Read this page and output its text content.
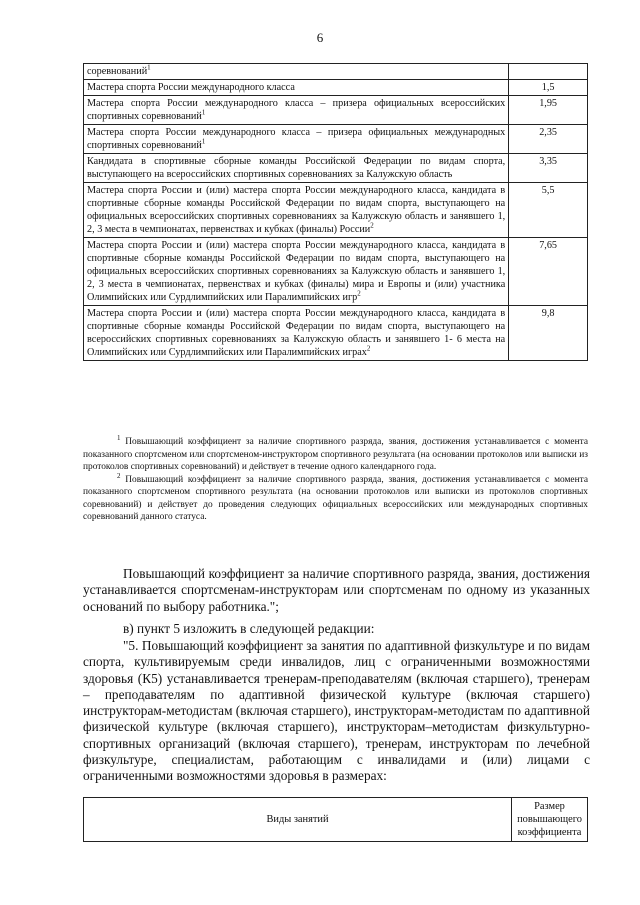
6
соревнований$^1$	
Мастера спорта России международного класса	1,5
Мастера спорта России международного класса – призера официальных всероссийских спортивных соревнований$^1$	1,95
Мастера спорта России международного класса – призера официальных международных спортивных соревнований$^1$	2,35
Кандидата в спортивные сборные команды Российской Федерации по видам спорта, выступающего на всероссийских спортивных соревнованиях за Калужскую область	3,35
Мастера спорта России и (или) мастера спорта России международного класса, кандидата в спортивные сборные команды Российской Федерации по видам спорта, выступающего на официальных всероссийских спортивных соревнованиях за Калужскую область и занявшего 1, 2, 3 места в чемпионатах, первенствах и кубках (финалы) России$^2$	5,5
Мастера спорта России и (или) мастера спорта России международного класса, кандидата в спортивные сборные команды Российской Федерации по видам спорта, выступающего на официальных всероссийских спортивных соревнованиях за Калужскую область и занявшего 1, 2, 3 места в чемпионатах, первенствах и кубках (финалы) мира и Европы и (или) участника Олимпийских или Сурдлимпийских или Паралимпийских игр$^2$	7,65
Мастера спорта России и (или) мастера спорта России международного класса, кандидата в спортивные сборные команды Российской Федерации по видам спорта, выступающего на всероссийских спортивных соревнованиях за Калужскую область и занявшего 1- 6 места на Олимпийских или Сурдлимпийских или Паралимпийских играх$^2$	9,8

$^1$ Повышающий коэффициент за наличие спортивного разряда, звания, достижения устанавливается с момента показанного спортсменом или спортсменом-инструктором спортивного результата (на основании протоколов или выписки из протоколов спортивных соревнований) и действует в течение одного календарного года.

$^2$ Повышающий коэффициент за наличие спортивного разряда, звания, достижения устанавливается с момента показанного спортсменом спортивного результата (на основании протоколов или выписки из протоколов спортивных соревнований) и действует до проведения следующих официальных всероссийских или международных спортивных соревнований данного статуса.

Повышающий коэффициент за наличие спортивного разряда, звания, достижения устанавливается спортсменам-инструкторам или спортсменам по одному из указанных оснований по выбору работника.";

в) пункт 5 изложить в следующей редакции:

"5. Повышающий коэффициент за занятия по адаптивной физкультуре и по видам спорта, культивируемым среди инвалидов, лиц с ограниченными возможностями здоровья (К5) устанавливается тренерам-преподавателям (включая старшего), тренерам – преподавателям по адаптивной физической культуре (включая старшего) инструкторам-методистам (включая старшего), инструкторам-методистам по адаптивной физической культуре (включая старшего), инструкторам–методистам физкультурно-спортивных организаций (включая старшего), тренерам, инструкторам по лечебной физкультуре, специалистам, работающим с инвалидами и (или) лицами с ограниченными возможностями здоровья в размерах:

Виды занятий	Размер повышающего коэффициента
